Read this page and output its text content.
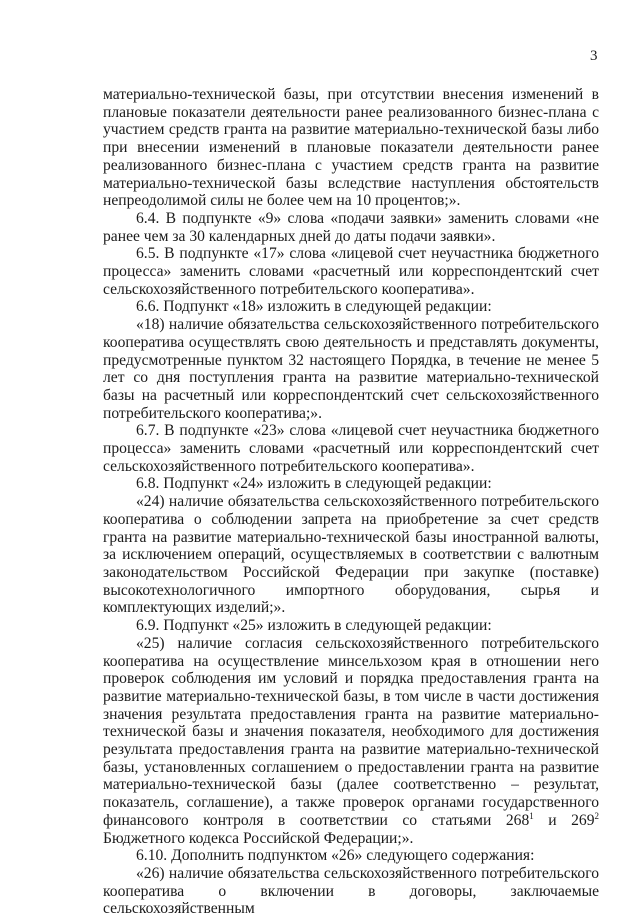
3

материально-технической базы, при отсутствии внесения изменений в плановые показатели деятельности ранее реализованного бизнес-плана с участием средств гранта на развитие материально-технической базы либо при внесении изменений в плановые показатели деятельности ранее реализованного бизнес-плана с участием средств гранта на развитие материально-технической базы вследствие наступления обстоятельств непреодолимой силы не более чем на 10 процентов;».

6.4. В подпункте «9» слова «подачи заявки» заменить словами «не ранее чем за 30 календарных дней до даты подачи заявки».

6.5. В подпункте «17» слова «лицевой счет неучастника бюджетного процесса» заменить словами «расчетный или корреспондентский счет сельскохозяйственного потребительского кооператива».

6.6. Подпункт «18» изложить в следующей редакции:

«18) наличие обязательства сельскохозяйственного потребительского кооператива осуществлять свою деятельность и представлять документы, предусмотренные пунктом 32 настоящего Порядка, в течение не менее 5 лет со дня поступления гранта на развитие материально-технической базы на расчетный или корреспондентский счет сельскохозяйственного потребительского кооператива;».

6.7. В подпункте «23» слова «лицевой счет неучастника бюджетного процесса» заменить словами «расчетный или корреспондентский счет сельскохозяйственного потребительского кооператива».

6.8. Подпункт «24» изложить в следующей редакции:

«24) наличие обязательства сельскохозяйственного потребительского кооператива о соблюдении запрета на приобретение за счет средств гранта на развитие материально-технической базы иностранной валюты, за исключением операций, осуществляемых в соответствии с валютным законодательством Российской Федерации при закупке (поставке) высокотехнологичного импортного оборудования, сырья и комплектующих изделий;».

6.9. Подпункт «25» изложить в следующей редакции:

«25) наличие согласия сельскохозяйственного потребительского кооператива на осуществление минсельхозом края в отношении него проверок соблюдения им условий и порядка предоставления гранта на развитие материально-технической базы, в том числе в части достижения значения результата предоставления гранта на развитие материально-технической базы и значения показателя, необходимого для достижения результата предоставления гранта на развитие материально-технической базы, установленных соглашением о предоставлении гранта на развитие материально-технической базы (далее соответственно – результат, показатель, соглашение), а также проверок органами государственного финансового контроля в соответствии со статьями $268^1$ и $269^2$ Бюджетного кодекса Российской Федерации;».

6.10. Дополнить подпунктом «26» следующего содержания:

«26) наличие обязательства сельскохозяйственного потребительского кооператива о включении в договоры, заключаемые сельскохозяйственным
